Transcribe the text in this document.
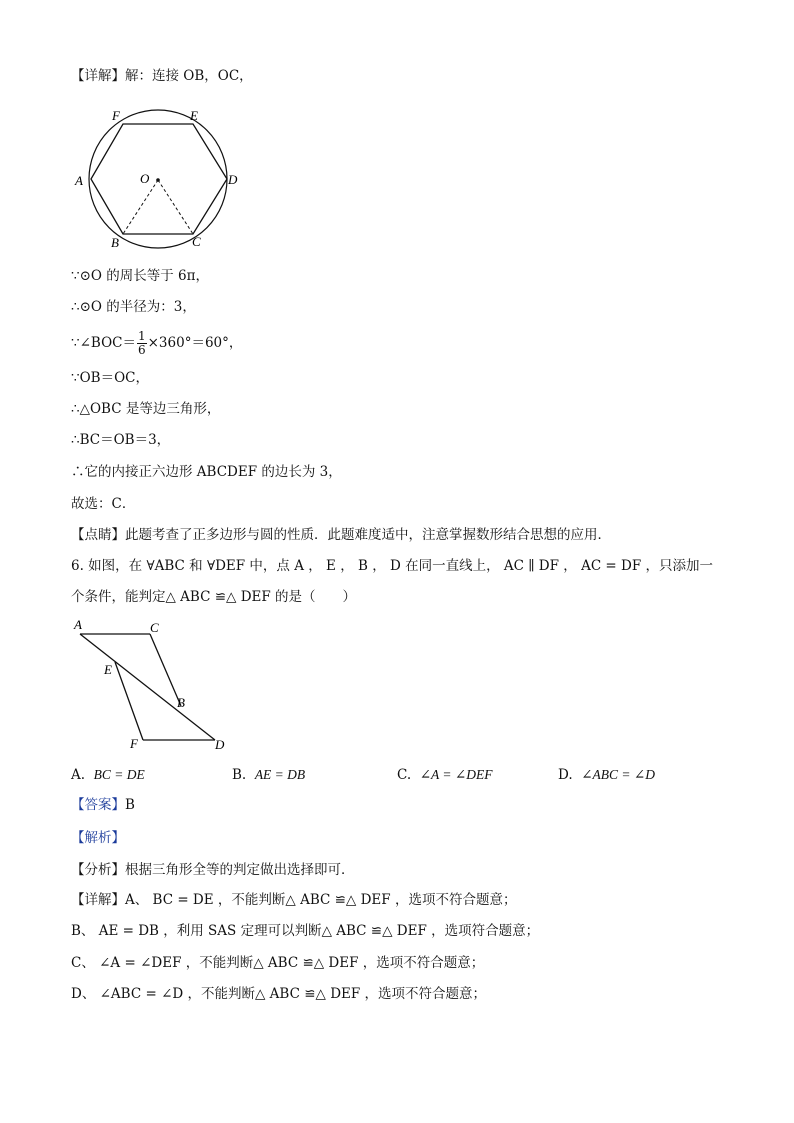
【详解】解：连接 OB，OC，
F	E
A	O	D
B	C
∵⊙O 的周长等于 6π，
∴⊙O 的半径为：3，
∵∠BOC＝ $\frac{1}{6} \times 360^\circ=60^\circ$，
∵OB＝OC，
∴△OBC 是等边三角形，
∴BC＝OB＝3，
∴它的内接正六边形 ABCDEF 的边长为 3，
故选：C．
【点睛】此题考查了正多边形与圆的性质．此题难度适中，注意掌握数形结合思想的应用．
6. 如图，在 ∀ABC 和 ∀DEF 中，点 A ， E ， B ， D 在同一直线上， AC ∥ DF ， AC = DF ，只添加一
个条件，能判定△ ABC ≌△ DEF 的是（　　）
A	C
E
B
F	D
A. BC = DE	B. AE = DB	C. ∠A = ∠DEF	D. ∠ABC = ∠D
【答案】B
【解析】
【分析】根据三角形全等的判定做出选择即可．
【详解】A、 BC = DE ，不能判断△ ABC ≌△ DEF ，选项不符合题意；
B、 AE = DB ，利用 SAS 定理可以判断△ ABC ≌△ DEF ，选项符合题意；
C、 ∠A = ∠DEF ，不能判断△ ABC ≌△ DEF ，选项不符合题意；
D、 ∠ABC = ∠D ，不能判断△ ABC ≌△ DEF ，选项不符合题意；
